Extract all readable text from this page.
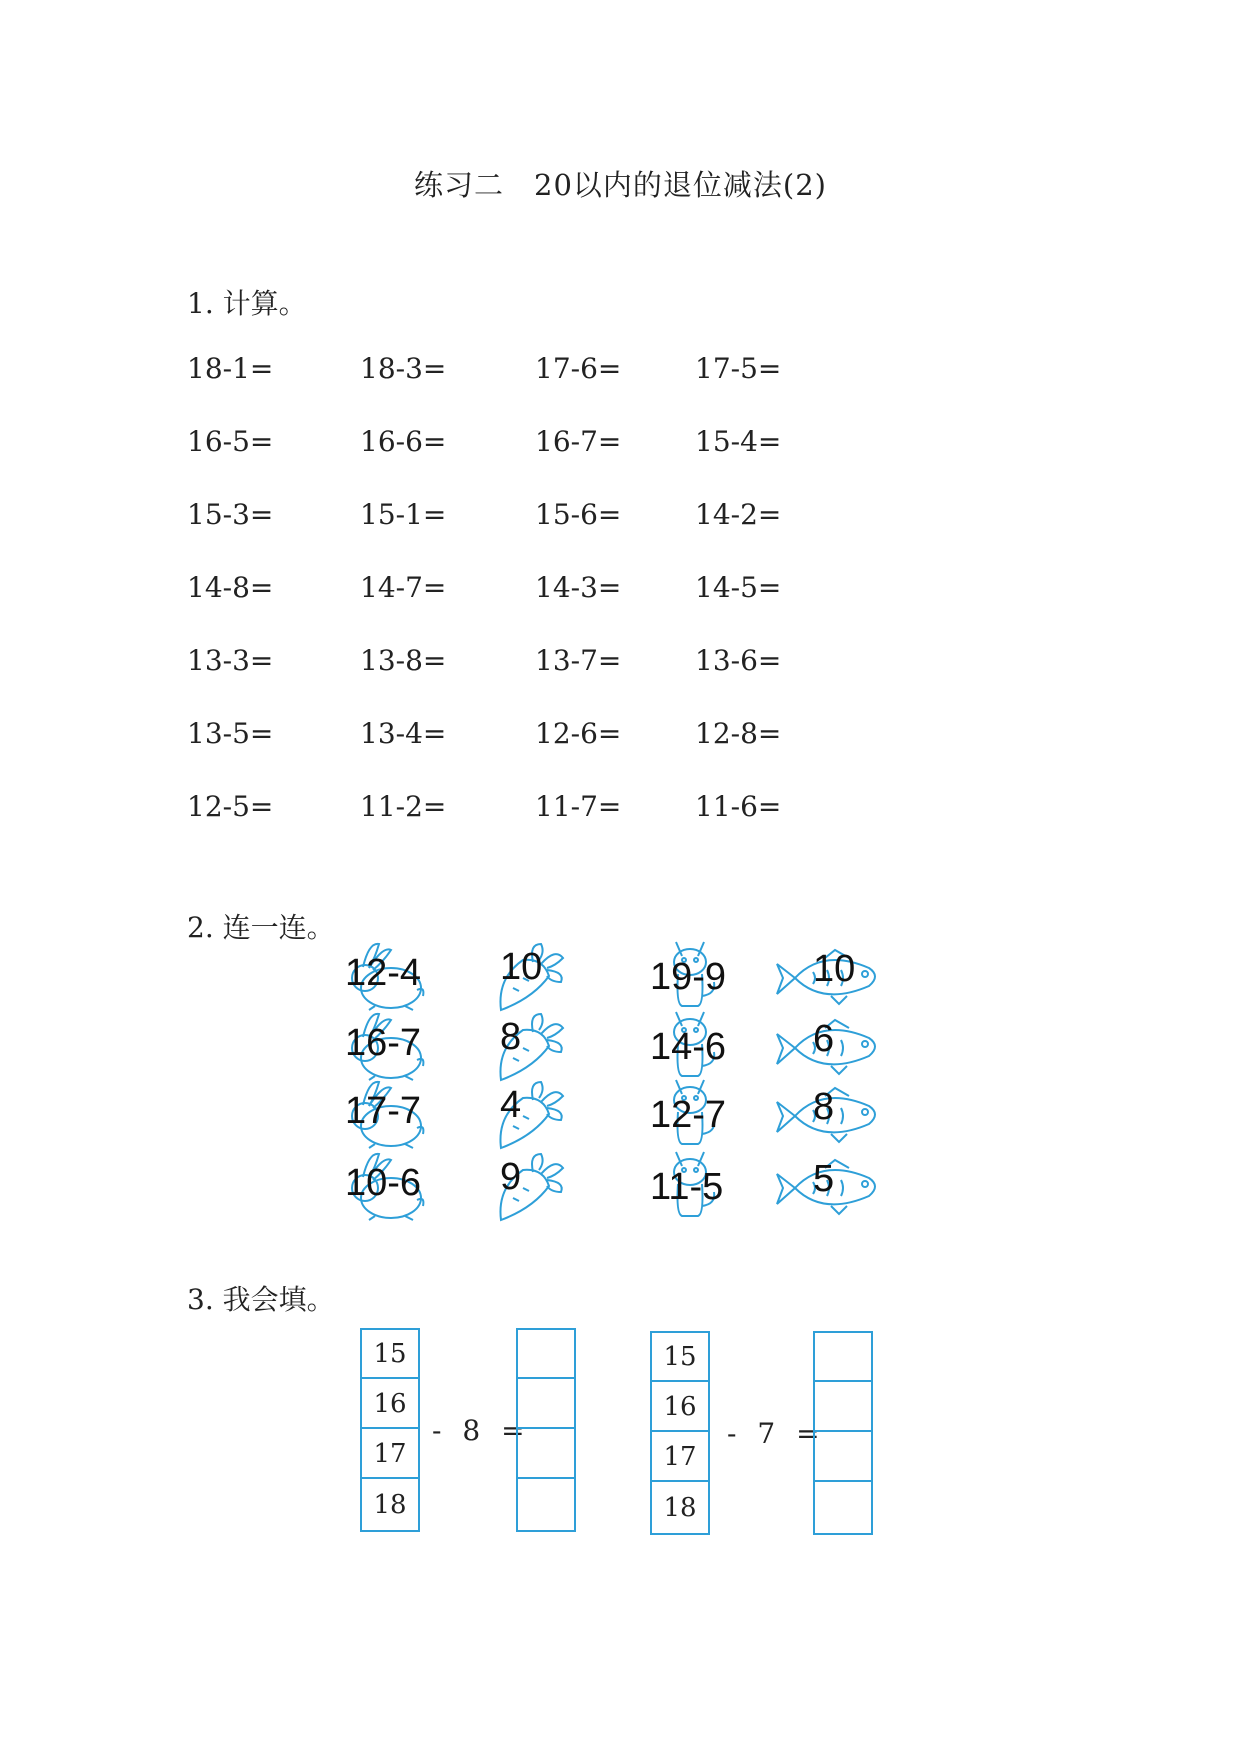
练习二　20以内的退位减法(2)
1. 计算。
18-1=	18-3=	17-6=	17-5=
16-5=	16-6=	16-7=	15-4=
15-3=	15-1=	15-6=	14-2=
14-8=	14-7=	14-3=	14-5=
13-3=	13-8=	13-7=	13-6=
13-5=	13-4=	12-6=	12-8=
12-5=	11-2=	11-7=	11-6=
2. 连一连。
12-4
16-7
17-7
10-6
10
8
4
9
19-9
14-6
12-7
11-5
10
6
8
5
3. 我会填。
15
16
17
18
- 8 =
15
16
17
18
- 7 =
